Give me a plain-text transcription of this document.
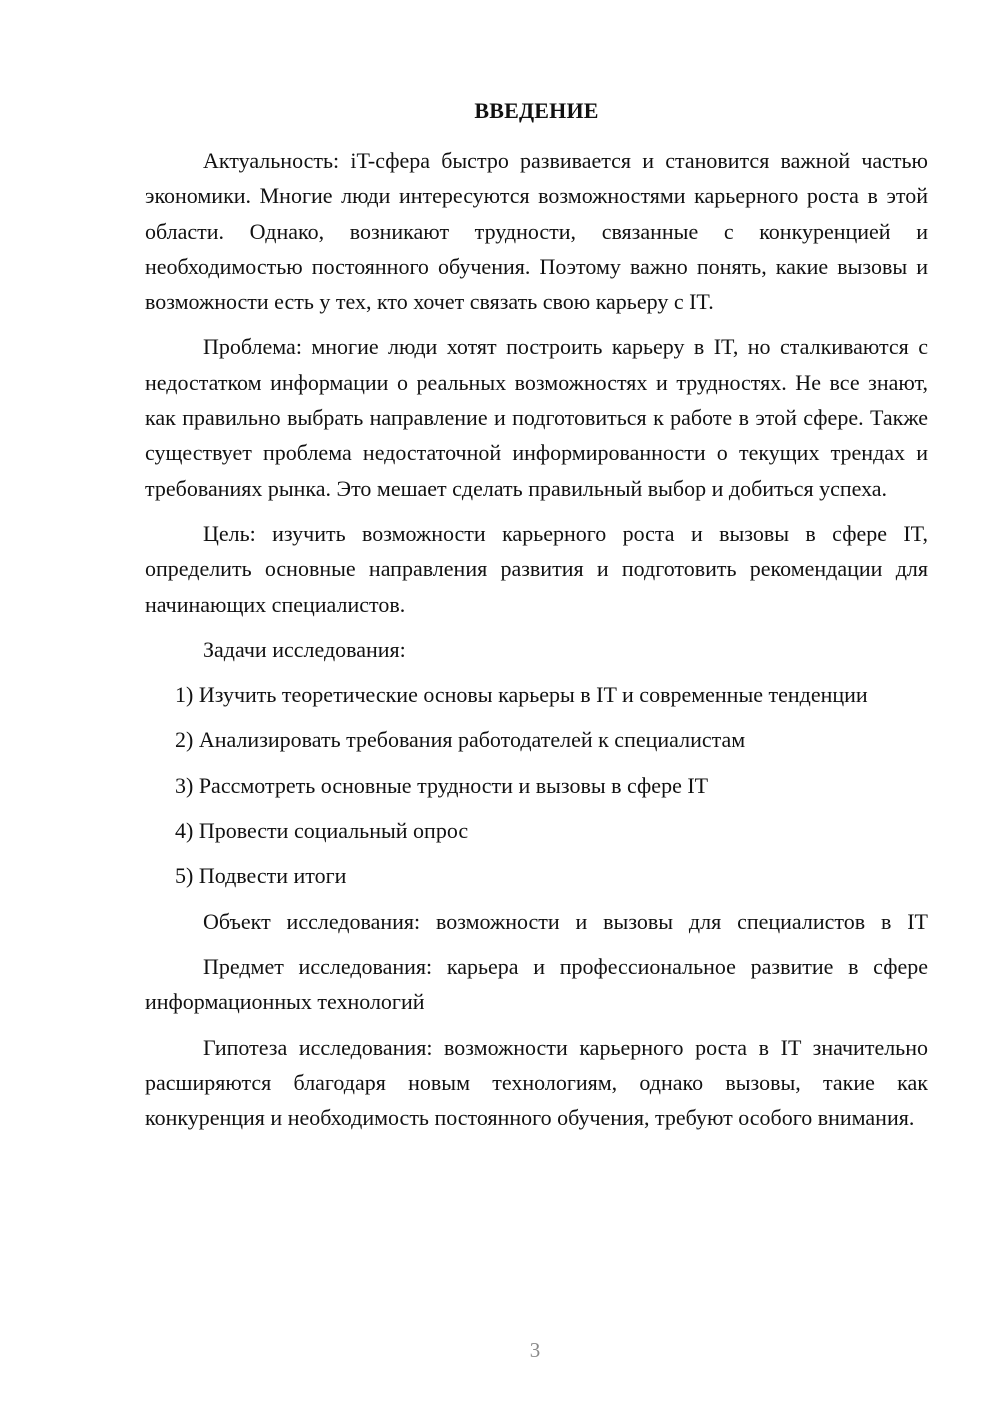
ВВЕДЕНИЕ

Актуальность: iT-сфера быстро развивается и становится важной частью экономики. Многие люди интересуются возможностями карьерного роста в этой области. Однако, возникают трудности, связанные с конкуренцией и необходимостью постоянного обучения. Поэтому важно понять, какие вызовы и возможности есть у тех, кто хочет связать свою карьеру с IT.

Проблема: многие люди хотят построить карьеру в IT, но сталкиваются с недостатком информации о реальных возможностях и трудностях. Не все знают, как правильно выбрать направление и подготовиться к работе в этой сфере. Также существует проблема недостаточной информированности о текущих трендах и требованиях рынка. Это мешает сделать правильный выбор и добиться успеха.

Цель: изучить возможности карьерного роста и вызовы в сфере IT, определить основные направления развития и подготовить рекомендации для начинающих специалистов.

Задачи исследования:

1) Изучить теоретические основы карьеры в IT и современные тенденции

2) Анализировать требования работодателей к специалистам

3) Рассмотреть основные трудности и вызовы в сфере IT

4) Провести социальный опрос

5) Подвести итоги

Объект исследования: возможности и вызовы для специалистов в IT

Предмет исследования: карьера и профессиональное развитие в сфере информационных технологий

Гипотеза исследования: возможности карьерного роста в IT значительно расширяются благодаря новым технологиям, однако вызовы, такие как конкуренция и необходимость постоянного обучения, требуют особого внимания.

3
